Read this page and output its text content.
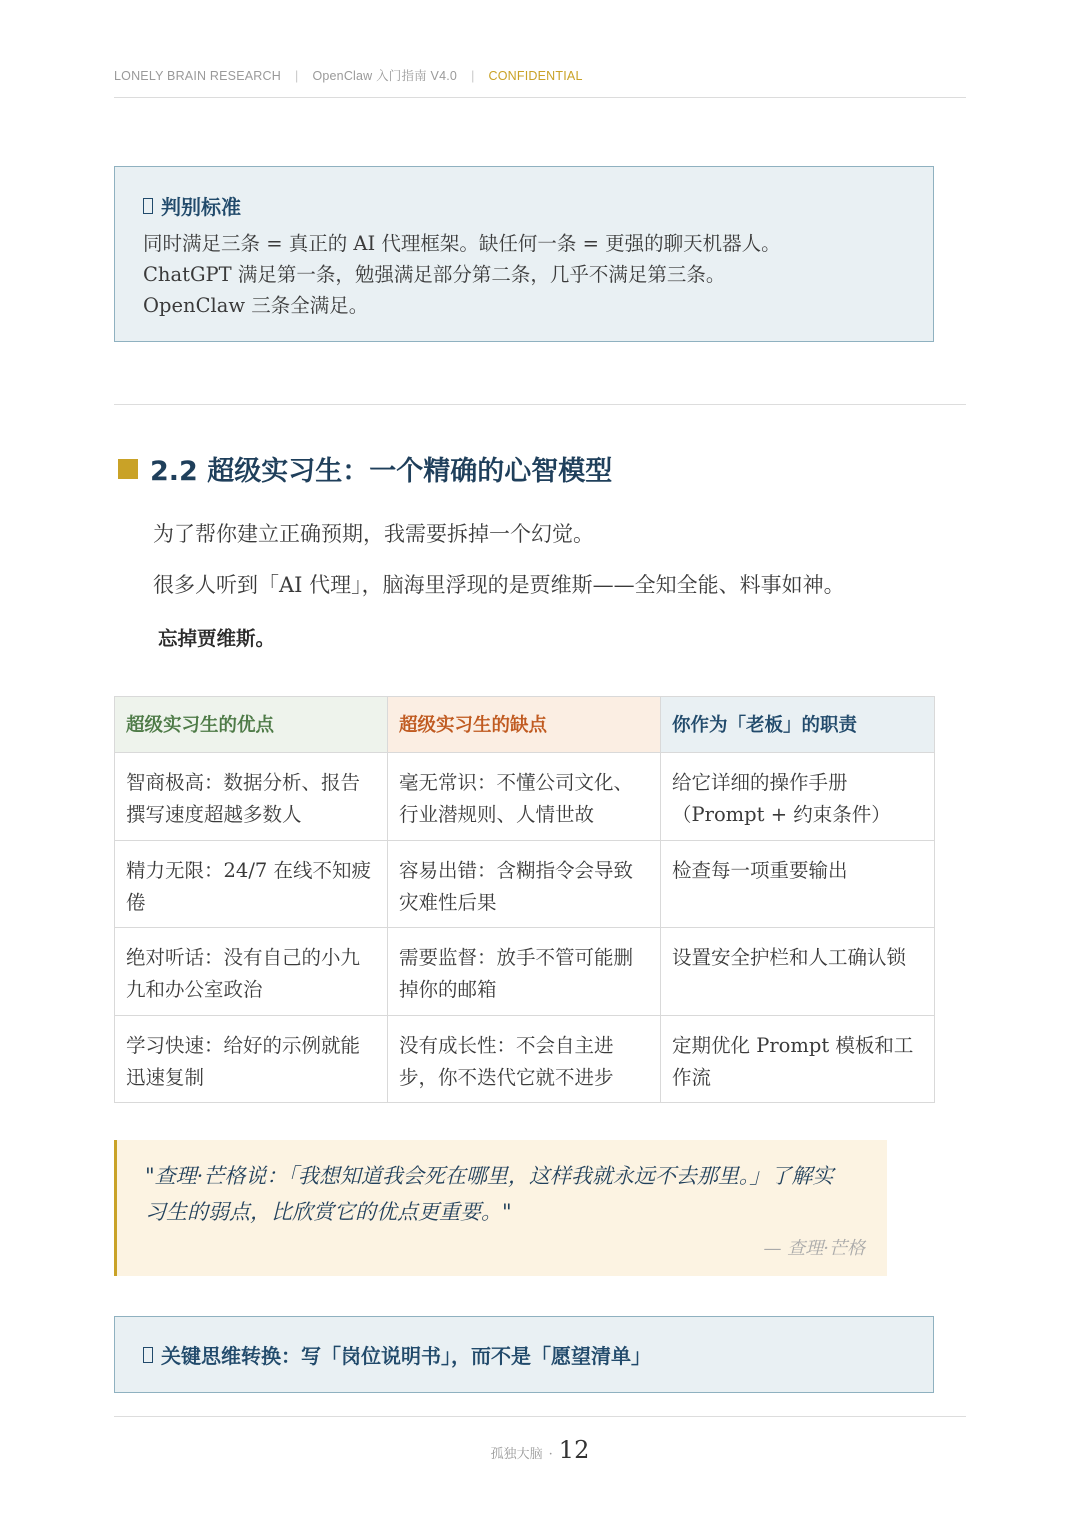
LONELY BRAIN RESEARCH | OpenClaw 入门指南 V4.0 | CONFIDENTIAL
判别标准
同时满足三条 = 真正的 AI 代理框架。缺任何一条 = 更强的聊天机器人。ChatGPT 满足第一条，勉强满足部分第二条，几乎不满足第三条。OpenClaw 三条全满足。
2.2 超级实习生：一个精确的心智模型
为了帮你建立正确预期，我需要拆掉一个幻觉。
很多人听到「AI 代理」，脑海里浮现的是贾维斯——全知全能、料事如神。
忘掉贾维斯。
超级实习生的优点	超级实习生的缺点	你作为「老板」的职责
智商极高：数据分析、报告撰写速度超越多数人	毫无常识：不懂公司文化、行业潜规则、人情世故	给它详细的操作手册（Prompt + 约束条件）
精力无限：24/7 在线不知疲倦	容易出错：含糊指令会导致灾难性后果	检查每一项重要输出
绝对听话：没有自己的小九九和办公室政治	需要监督：放手不管可能删掉你的邮箱	设置安全护栏和人工确认锁
学习快速：给好的示例就能迅速复制	没有成长性：不会自主进步，你不迭代它就不进步	定期优化 Prompt 模板和工作流
"查理·芒格说：「我想知道我会死在哪里，这样我就永远不去那里。」了解实习生的弱点，比欣赏它的优点更重要。"
— 查理·芒格
关键思维转换：写「岗位说明书」，而不是「愿望清单」
孤独大脑 · 12
